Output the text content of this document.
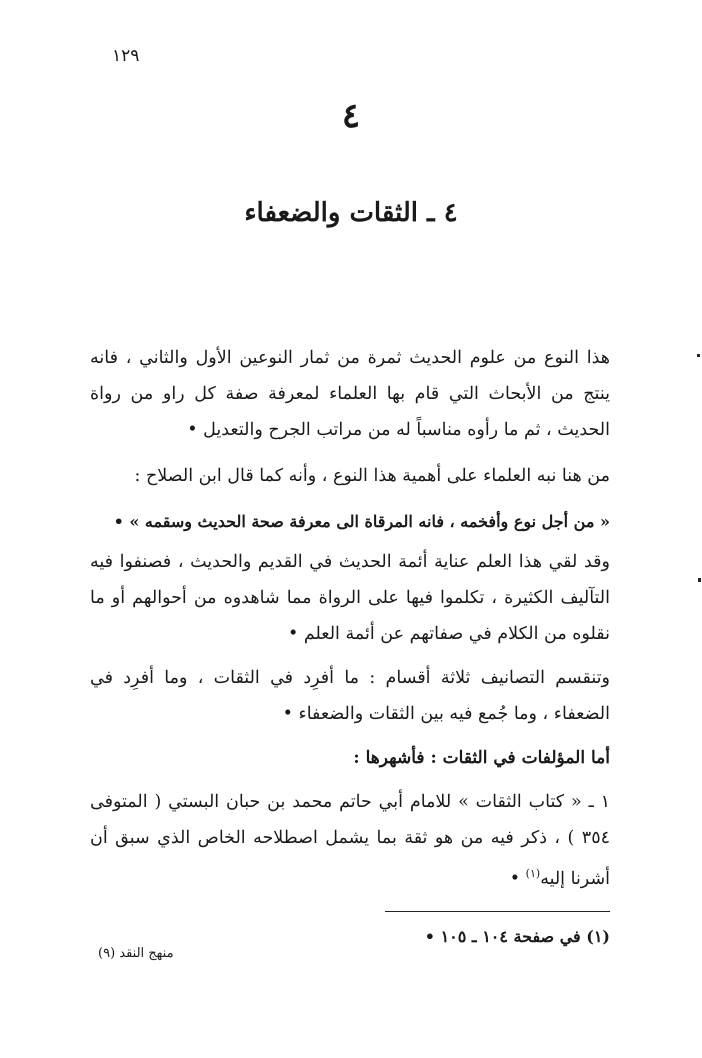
١٢٩
٤
٤ ـ الثقات والضعفاء
هذا النوع من علوم الحديث ثمرة من ثمار النوعين الأول والثاني ، فانه ينتج من الأبحاث التي قام بها العلماء لمعرفة صفة كل راو من رواة الحديث ، ثم ما رأوه مناسباً له من مراتب الجرح والتعديل •
من هنا نبه العلماء على أهمية هذا النوع ، وأنه كما قال ابن الصلاح :
« من أجل نوع وأفخمه ، فانه المرقاة الى معرفة صحة الحديث وسقمه » •
وقد لقي هذا العلم عناية أئمة الحديث في القديم والحديث ، فصنفوا فيه التآليف الكثيرة ، تكلموا فيها على الرواة مما شاهدوه من أحوالهم أو ما نقلوه من الكلام في صفاتهم عن أئمة العلم •
وتنقسم التصانيف ثلاثة أقسام : ما أفرِد في الثقات ، وما أفرِد في الضعفاء ، وما جُمع فيه بين الثقات والضعفاء •
أما المؤلفات في الثقات : فأشهرها :
١ ـ « كتاب الثقات » للامام أبي حاتم محمد بن حبان البستي ( المتوفى ٣٥٤ ) ، ذكر فيه من هو ثقة بما يشمل اصطلاحه الخاص الذي سبق أن أشرنا إليه$^{(١)}$ •
(١) في صفحة ١٠٤ ـ ١٠٥ •
منهج النقد (٩)
